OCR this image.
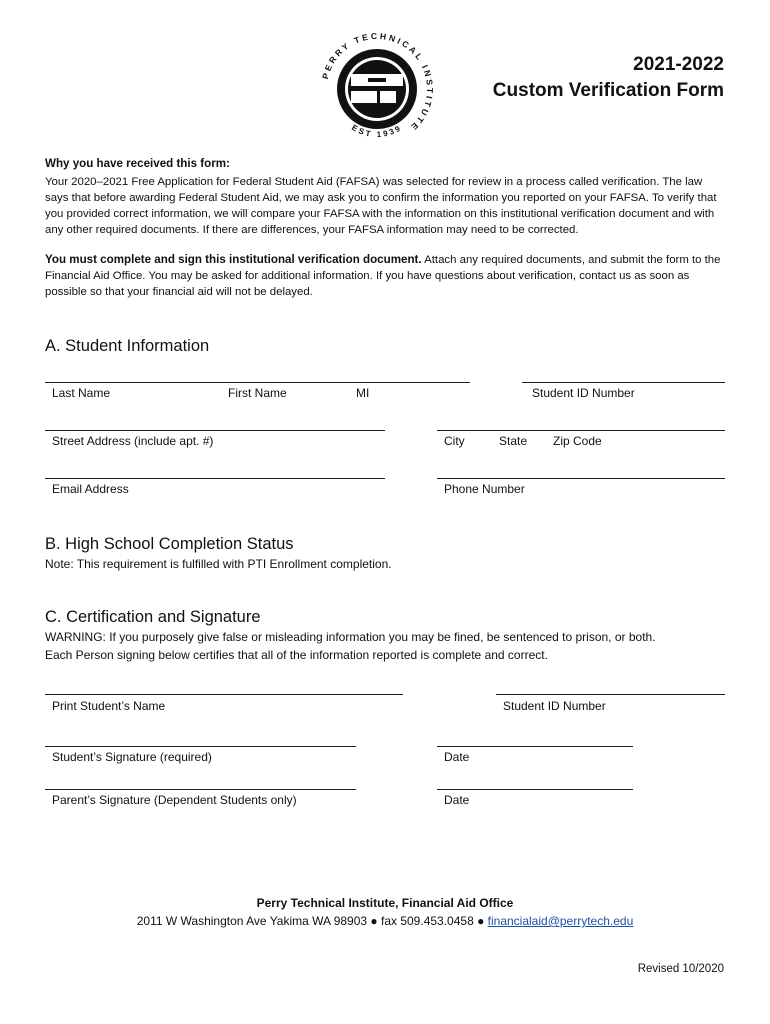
PERRY TECHNICAL INSTITUTE
EST 1939
2021-2022
Custom Verification Form
Why you have received this form:
Your 2020–2021 Free Application for Federal Student Aid (FAFSA) was selected for review in a process called verification. The law says that before awarding Federal Student Aid, we may ask you to confirm the information you reported on your FAFSA. To verify that you provided correct information, we will compare your FAFSA with the information on this institutional verification document and with any other required documents. If there are differences, your FAFSA information may need to be corrected.
You must complete and sign this institutional verification document. Attach any required documents, and submit the form to the Financial Aid Office. You may be asked for additional information. If you have questions about verification, contact us as soon as possible so that your financial aid will not be delayed.
A. Student Information
Last Name	First Name	MI	Student ID Number
Street Address (include apt. #)	City	State Zip Code
Email Address	Phone Number
B. High School Completion Status
Note: This requirement is fulfilled with PTI Enrollment completion.
C. Certification and Signature
WARNING: If you purposely give false or misleading information you may be fined, be sentenced to prison, or both.
Each Person signing below certifies that all of the information reported is complete and correct.
Print Student’s Name	Student ID Number
Student’s Signature (required)	Date
Parent’s Signature (Dependent Students only)	Date
Perry Technical Institute, Financial Aid Office
2011 W Washington Ave Yakima WA 98903 ● fax 509.453.0458 ● financialaid@perrytech.edu
Revised 10/2020
